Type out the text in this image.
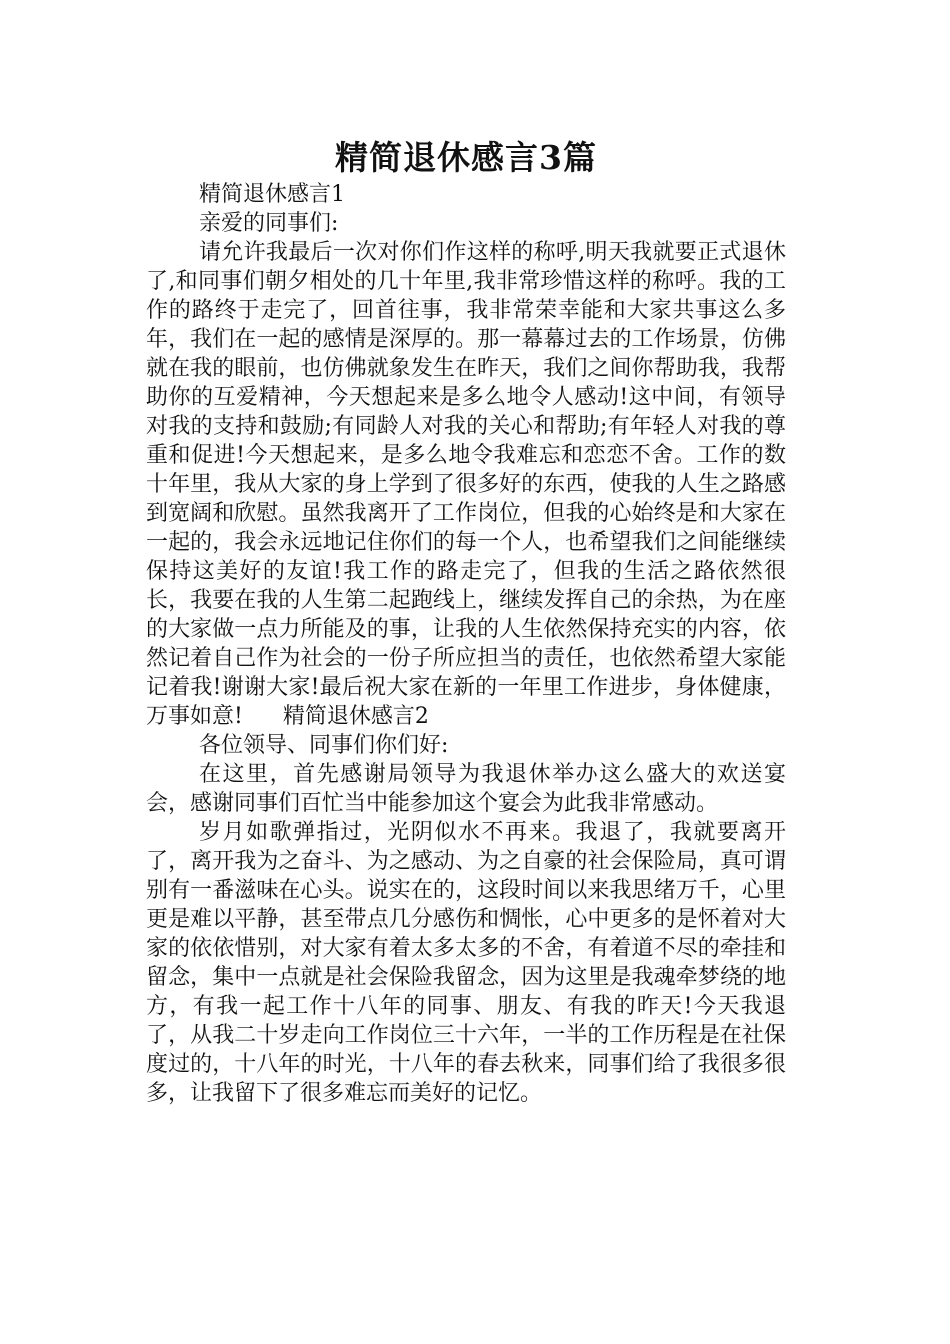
精简退休感言3篇

精简退休感言1

亲爱的同事们:

请允许我最后一次对你们作这样的称呼,明天我就要正式退休了,和同事们朝夕相处的几十年里,我非常珍惜这样的称呼。我的工作的路终于走完了，回首往事，我非常荣幸能和大家共事这么多年，我们在一起的感情是深厚的。那一幕幕过去的工作场景，仿佛就在我的眼前，也仿佛就象发生在昨天，我们之间你帮助我，我帮助你的互爱精神，今天想起来是多么地令人感动!这中间，有领导对我的支持和鼓励;有同龄人对我的关心和帮助;有年轻人对我的尊重和促进!今天想起来，是多么地令我难忘和恋恋不舍。工作的数十年里，我从大家的身上学到了很多好的东西，使我的人生之路感到宽阔和欣慰。虽然我离开了工作岗位，但我的心始终是和大家在一起的，我会永远地记住你们的每一个人，也希望我们之间能继续保持这美好的友谊!我工作的路走完了，但我的生活之路依然很长，我要在我的人生第二起跑线上，继续发挥自己的余热，为在座的大家做一点力所能及的事，让我的人生依然保持充实的内容，依然记着自己作为社会的一份子所应担当的责任，也依然希望大家能记着我!谢谢大家!最后祝大家在新的一年里工作进步，身体健康，万事如意! 精简退休感言2

各位领导、同事们你们好:

在这里，首先感谢局领导为我退休举办这么盛大的欢送宴会，感谢同事们百忙当中能参加这个宴会为此我非常感动。

岁月如歌弹指过，光阴似水不再来。我退了，我就要离开了，离开我为之奋斗、为之感动、为之自豪的社会保险局，真可谓别有一番滋味在心头。说实在的，这段时间以来我思绪万千，心里更是难以平静，甚至带点几分感伤和惆怅，心中更多的是怀着对大家的依依惜别，对大家有着太多太多的不舍，有着道不尽的牵挂和留念，集中一点就是社会保险我留念，因为这里是我魂牵梦绕的地方，有我一起工作十八年的同事、朋友、有我的昨天!今天我退了，从我二十岁走向工作岗位三十六年，一半的工作历程是在社保度过的，十八年的时光，十八年的春去秋来，同事们给了我很多很多，让我留下了很多难忘而美好的记忆。
